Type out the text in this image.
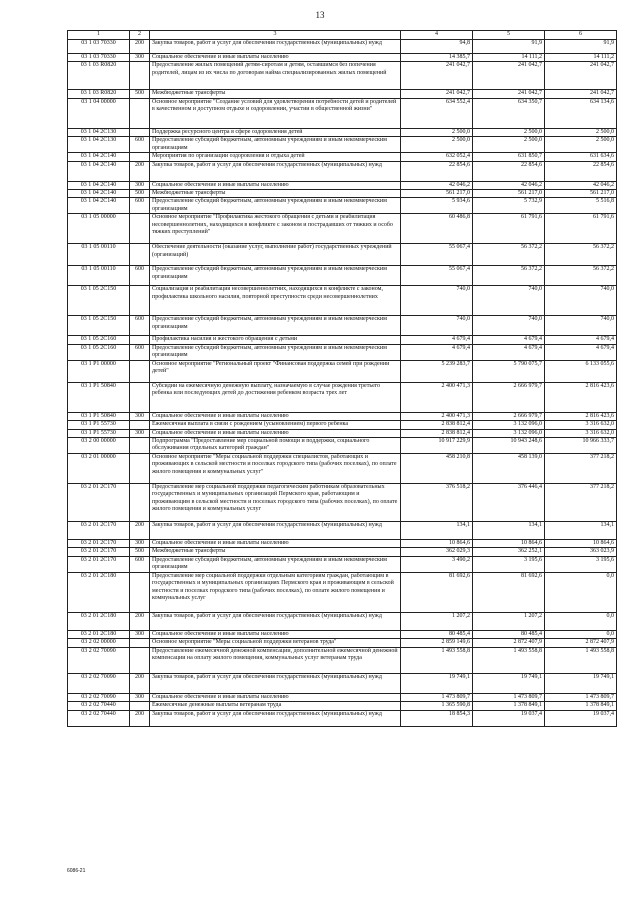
13
1	2	3	4	5	6
03 1 03 70330	200	Закупка товаров, работ и услуг для обеспечения государственных (муниципальных) нужд	94,8	91,9	91,9
03 1 03 70330	300	Социальное обеспечение и иные выплаты населению	14 385,7	14 111,2	14 111,2
03 1 03 R0820		Предоставление жилых помещений детям-сиротам и детям, оставшимся без попечения родителей, лицам из их числа по договорам найма специализированных жилых помещений	241 042,7	241 042,7	241 042,7
03 1 03 R0820	500	Межбюджетные трансферты	241 042,7	241 042,7	241 042,7
03 1 04 00000		Основное мероприятие "Создание условий для удовлетворения потребности детей и родителей в качественном и доступном отдыхе и оздоровлении, участии в общественной жизни"	634 552,4	634 350,7	634 134,6
03 1 04 2С130		Поддержка ресурсного центра в сфере оздоровления детей	2 500,0	2 500,0	2 500,0
03 1 04 2С130	600	Предоставление субсидий бюджетным, автономным учреждениям и иным некоммерческим организациям	2 500,0	2 500,0	2 500,0
03 1 04 2С140		Мероприятия по организации оздоровления и отдыха детей	632 052,4	631 850,7	631 634,6
03 1 04 2С140	200	Закупка товаров, работ и услуг для обеспечения государственных (муниципальных) нужд	22 854,6	22 854,6	22 854,6
03 1 04 2С140	300	Социальное обеспечение и иные выплаты населению	42 046,2	42 046,2	42 046,2
03 1 04 2С140	500	Межбюджетные трансферты	561 217,0	561 217,0	561 217,0
03 1 04 2С140	600	Предоставление субсидий бюджетным, автономным учреждениям и иным некоммерческим организациям	5 934,6	5 732,9	5 516,8
03 1 05 00000		Основное мероприятие "Профилактика жестокого обращения с детьми и реабилитация несовершеннолетних, находящихся в конфликте с законом и пострадавших от тяжких и особо тяжких преступлений"	60 486,8	61 791,6	61 791,6
03 1 05 00110		Обеспечение деятельности (оказание услуг, выполнение работ) государственных учреждений (организаций)	55 067,4	56 372,2	56 372,2
03 1 05 00110	600	Предоставление субсидий бюджетным, автономным учреждениям и иным некоммерческим организациям	55 067,4	56 372,2	56 372,2
03 1 05 2С150		Социализация и реабилитация несовершеннолетних, находящихся в конфликте с законом, профилактика школьного насилия, повторной преступности среди несовершеннолетних	740,0	740,0	740,0
03 1 05 2С150	600	Предоставление субсидий бюджетным, автономным учреждениям и иным некоммерческим организациям	740,0	740,0	740,0
03 1 05 2С160		Профилактика насилия и жестокого обращения с детьми	4 679,4	4 679,4	4 679,4
03 1 05 2С160	600	Предоставление субсидий бюджетным, автономным учреждениям и иным некоммерческим организациям	4 679,4	4 679,4	4 679,4
03 1 P1 00000		Основное мероприятие "Региональный проект "Финансовая поддержка семей при рождении детей"	5 239 283,7	5 790 075,7	6 133 055,6
03 1 P1 50840		Субсидии на ежемесячную денежную выплату, назначаемую в случае рождения третьего ребенка или последующих детей до достижения ребенком возраста трех лет	2 400 471,3	2 666 979,7	2 816 423,6
03 1 P1 50840	300	Социальное обеспечение и иные выплаты населению	2 400 471,3	2 666 979,7	2 816 423,6
03 1 P1 55730		Ежемесячная выплата в связи с рождением (усыновлением) первого ребенка	2 838 812,4	3 132 096,0	3 316 632,0
03 1 P1 55730	300	Социальное обеспечение и иные выплаты населению	2 838 812,4	3 132 096,0	3 316 632,0
03 2 00 00000		Подпрограмма "Предоставление мер социальной помощи и поддержки, социального обслуживания отдельных категорий граждан"	10 917 229,9	10 943 248,6	10 966 333,7
03 2 01 00000		Основное мероприятие "Меры социальной поддержки специалистов, работающих и проживающих в сельской местности и поселках городского типа (рабочих поселках), по оплате жилого помещения и коммунальных услуг"	458 210,8	458 139,0	377 218,2
03 2 01 2С170		Предоставление мер социальной поддержки педагогическим работникам образовательных государственных и муниципальных организаций Пермского края, работающим и проживающим в сельской местности и поселках городского типа (рабочих поселках), по оплате жилого помещения и коммунальных услуг	376 518,2	376 446,4	377 218,2
03 2 01 2С170	200	Закупка товаров, работ и услуг для обеспечения государственных (муниципальных) нужд	134,1	134,1	134,1
03 2 01 2С170	300	Социальное обеспечение и иные выплаты населению	10 864,6	10 864,6	10 864,6
03 2 01 2С170	500	Межбюджетные трансферты	362 029,3	362 252,1	363 023,9
03 2 01 2С170	600	Предоставление субсидий бюджетным, автономным учреждениям и иным некоммерческим организациям	3 490,2	3 195,6	3 195,6
03 2 01 2С180		Предоставление мер социальной поддержки отдельным категориям граждан, работающим в государственных и муниципальных организациях Пермского края и проживающим в сельской местности и поселках городского типа (рабочих поселках), по оплате жилого помещения и коммунальных услуг	81 692,6	81 692,6	0,0
03 2 01 2С180	200	Закупка товаров, работ и услуг для обеспечения государственных (муниципальных) нужд	1 207,2	1 207,2	0,0
03 2 01 2С180	300	Социальное обеспечение и иные выплаты населению	80 485,4	80 485,4	0,0
03 2 02 00000		Основное мероприятие "Меры социальной поддержки ветеранов труда"	2 859 149,6	2 872 407,9	2 872 407,9
03 2 02 70090		Предоставление ежемесячной денежной компенсации, дополнительной ежемесячной денежной компенсации на оплату жилого помещения, коммунальных услуг ветеранам труда	1 493 558,8	1 493 558,8	1 493 558,8
03 2 02 70090	200	Закупка товаров, работ и услуг для обеспечения государственных (муниципальных) нужд	19 749,1	19 749,1	19 749,1
03 2 02 70090	300	Социальное обеспечение и иные выплаты населению	1 473 809,7	1 473 809,7	1 473 809,7
03 2 02 70440		Ежемесячные денежные выплаты ветеранам труда	1 365 590,8	1 378 849,1	1 378 849,1
03 2 02 70440	200	Закупка товаров, работ и услуг для обеспечения государственных (муниципальных) нужд	18 854,3	19 037,4	19 037,4
6086-21
